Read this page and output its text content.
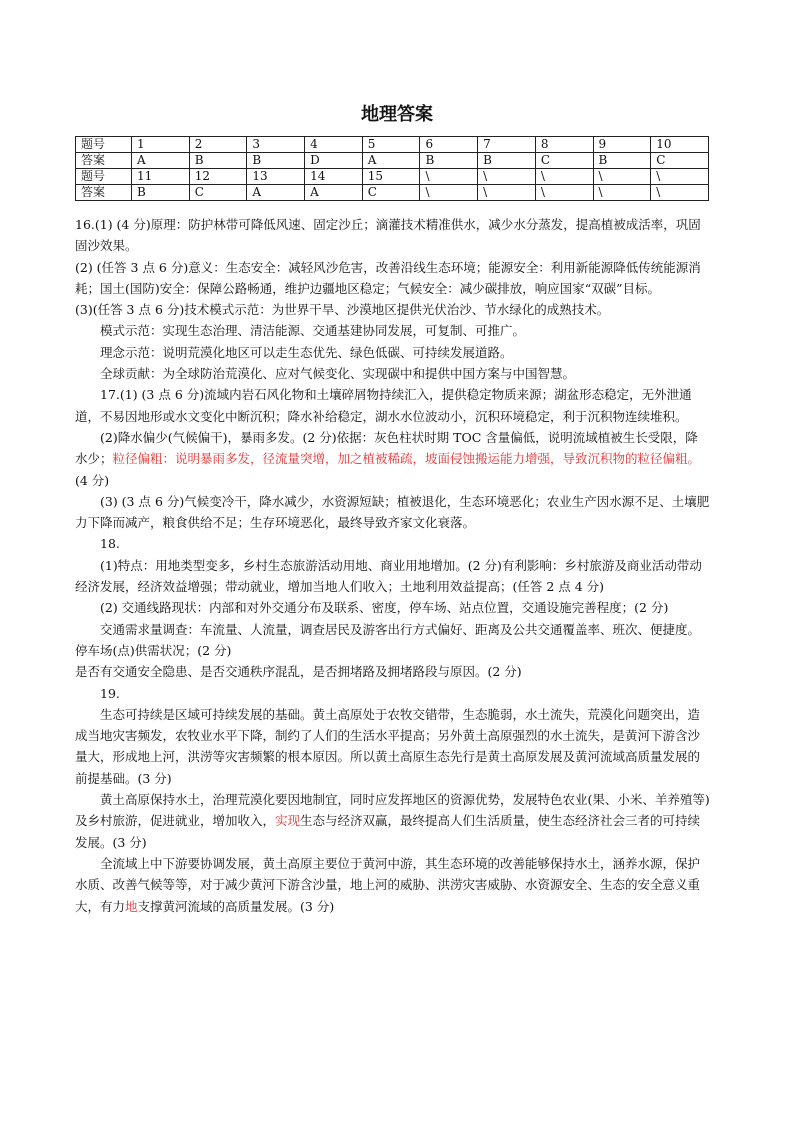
地理答案
题号	1	2	3	4	5	6	7	8	9	10
答案	A	B	B	D	A	B	B	C	B	C
题号	11	12	13	14	15	\	\	\	\	\
答案	B	C	A	A	C	\	\	\	\	\

16.(1) (4 分)原理：防护林带可降低风速、固定沙丘；滴灌技术精准供水，减少水分蒸发，提高植被成活率，巩固固沙效果。

(2) (任答 3 点 6 分)意义：生态安全：减轻风沙危害，改善沿线生态环境；能源安全：利用新能源降低传统能源消耗；国土(国防)安全：保障公路畅通，维护边疆地区稳定；气候安全：减少碳排放，响应国家“双碳”目标。

(3)(任答 3 点 6 分)技术模式示范：为世界干旱、沙漠地区提供光伏治沙、节水绿化的成熟技术。

模式示范：实现生态治理、清洁能源、交通基建协同发展，可复制、可推广。

理念示范：说明荒漠化地区可以走生态优先、绿色低碳、可持续发展道路。

全球贡献：为全球防治荒漠化、应对气候变化、实现碳中和提供中国方案与中国智慧。

17.(1) (3 点 6 分)流域内岩石风化物和土壤碎屑物持续汇入，提供稳定物质来源；湖盆形态稳定，无外泄通道，不易因地形或水文变化中断沉积；降水补给稳定，湖水水位波动小，沉积环境稳定，利于沉积物连续堆积。

(2)降水偏少(气候偏干)，暴雨多发。(2 分)依据：灰色柱状时期 TOC 含量偏低，说明流域植被生长受限，降水少；粒径偏粗：说明暴雨多发，径流量突增，加之植被稀疏，坡面侵蚀搬运能力增强，导致沉积物的粒径偏粗。(4 分)

(3) (3 点 6 分)气候变冷干，降水减少，水资源短缺；植被退化，生态环境恶化；农业生产因水源不足、土壤肥力下降而减产，粮食供给不足；生存环境恶化，最终导致齐家文化衰落。

18.

(1)特点：用地类型变多，乡村生态旅游活动用地、商业用地增加。(2 分)有利影响：乡村旅游及商业活动带动经济发展，经济效益增强；带动就业，增加当地人们收入；土地利用效益提高；(任答 2 点 4 分)

(2) 交通线路现状：内部和对外交通分布及联系、密度，停车场、站点位置，交通设施完善程度；(2 分)

交通需求量调查：车流量、人流量，调查居民及游客出行方式偏好、距离及公共交通覆盖率、班次、便捷度。停车场(点)供需状况；(2 分)

是否有交通安全隐患、是否交通秩序混乱，是否拥堵路及拥堵路段与原因。(2 分)

19.

生态可持续是区域可持续发展的基础。黄土高原处于农牧交错带，生态脆弱，水土流失，荒漠化问题突出，造成当地灾害频发，农牧业水平下降，制约了人们的生活水平提高；另外黄土高原强烈的水土流失，是黄河下游含沙量大，形成地上河，洪涝等灾害频繁的根本原因。所以黄土高原生态先行是黄土高原发展及黄河流域高质量发展的前提基础。(3 分)

黄土高原保持水土，治理荒漠化要因地制宜，同时应发挥地区的资源优势，发展特色农业(果、小米、羊养殖等)及乡村旅游，促进就业，增加收入，实现生态与经济双赢，最终提高人们生活质量，使生态经济社会三者的可持续发展。(3 分)

全流域上中下游要协调发展，黄土高原主要位于黄河中游，其生态环境的改善能够保持水土，涵养水源，保护水质、改善气候等等，对于减少黄河下游含沙量，地上河的威胁、洪涝灾害威胁、水资源安全、生态的安全意义重大，有力地支撑黄河流域的高质量发展。(3 分)
